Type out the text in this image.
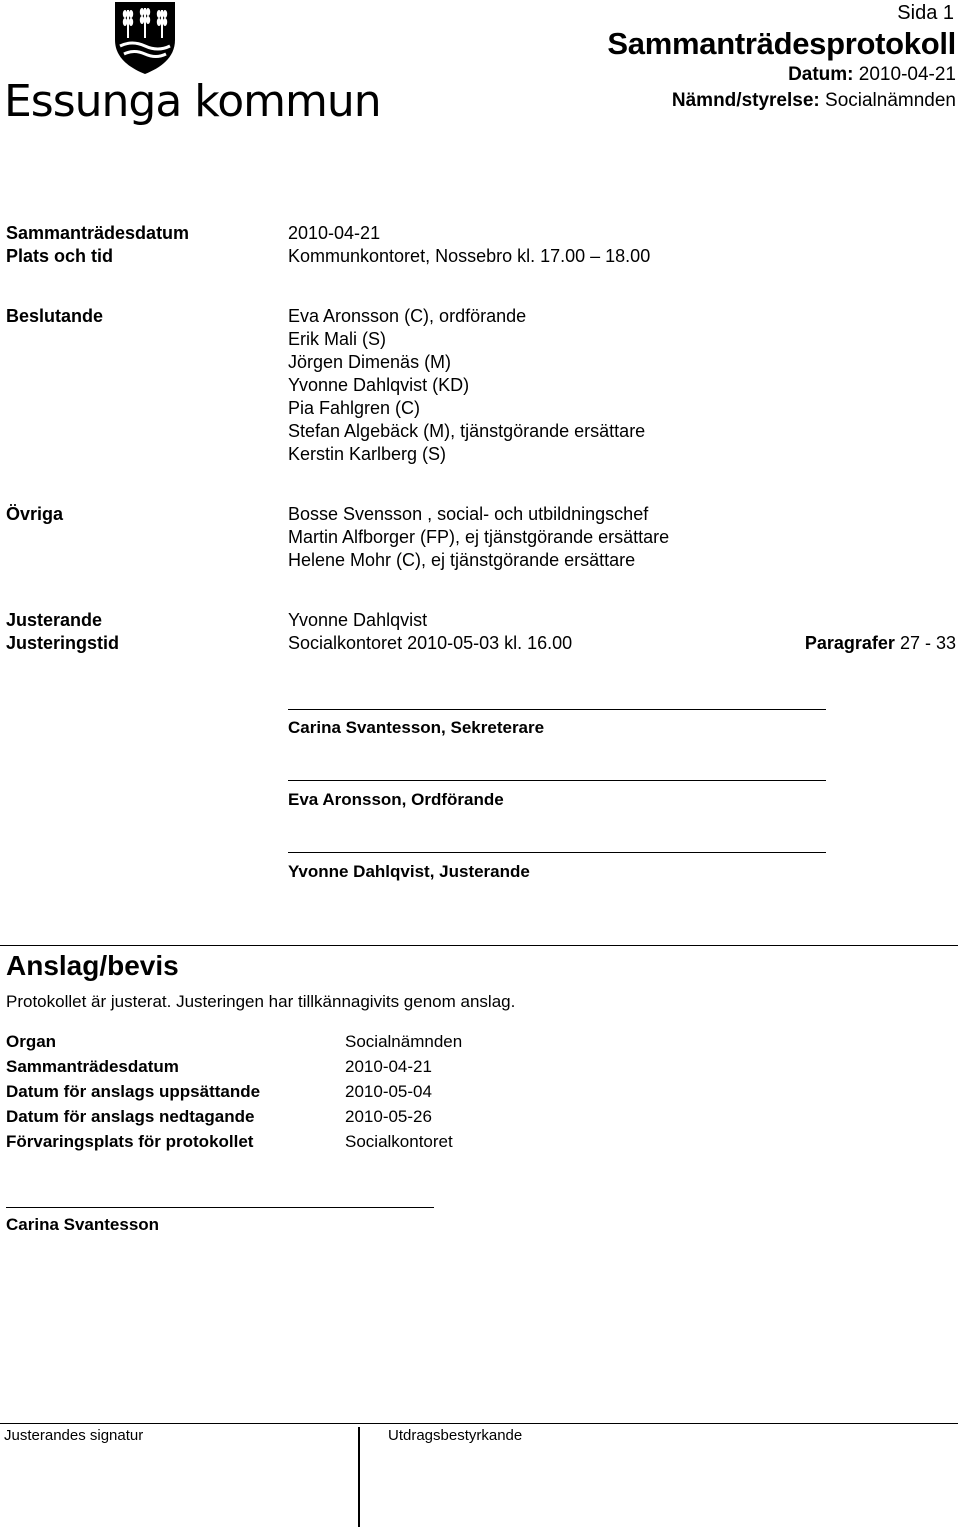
Essunga kommun
Sida 1
Sammanträdesprotokoll
Datum: 2010-04-21
Nämnd/styrelse: Socialnämnden
Sammanträdesdatum	2010-04-21
Plats och tid	Kommunkontoret, Nossebro kl. 17.00 – 18.00
Beslutande	Eva Aronsson (C), ordförande
Erik Mali (S)
Jörgen Dimenäs (M)
Yvonne Dahlqvist (KD)
Pia Fahlgren (C)
Stefan Algebäck (M), tjänstgörande ersättare
Kerstin Karlberg (S)
Övriga	Bosse Svensson , social- och utbildningschef
Martin Alfborger (FP), ej tjänstgörande ersättare
Helene Mohr (C), ej tjänstgörande ersättare
Justerande	Yvonne Dahlqvist
Justeringstid	Socialkontoret 2010-05-03 kl. 16.00	Paragrafer 27 - 33
Carina Svantesson, Sekreterare
Eva Aronsson, Ordförande
Yvonne Dahlqvist, Justerande
Anslag/bevis
Protokollet är justerat. Justeringen har tillkännagivits genom anslag.
Organ	Socialnämnden
Sammanträdesdatum	2010-04-21
Datum för anslags uppsättande	2010-05-04
Datum för anslags nedtagande	2010-05-26
Förvaringsplats för protokollet	Socialkontoret
Carina Svantesson
Justerandes signatur	Utdragsbestyrkande
